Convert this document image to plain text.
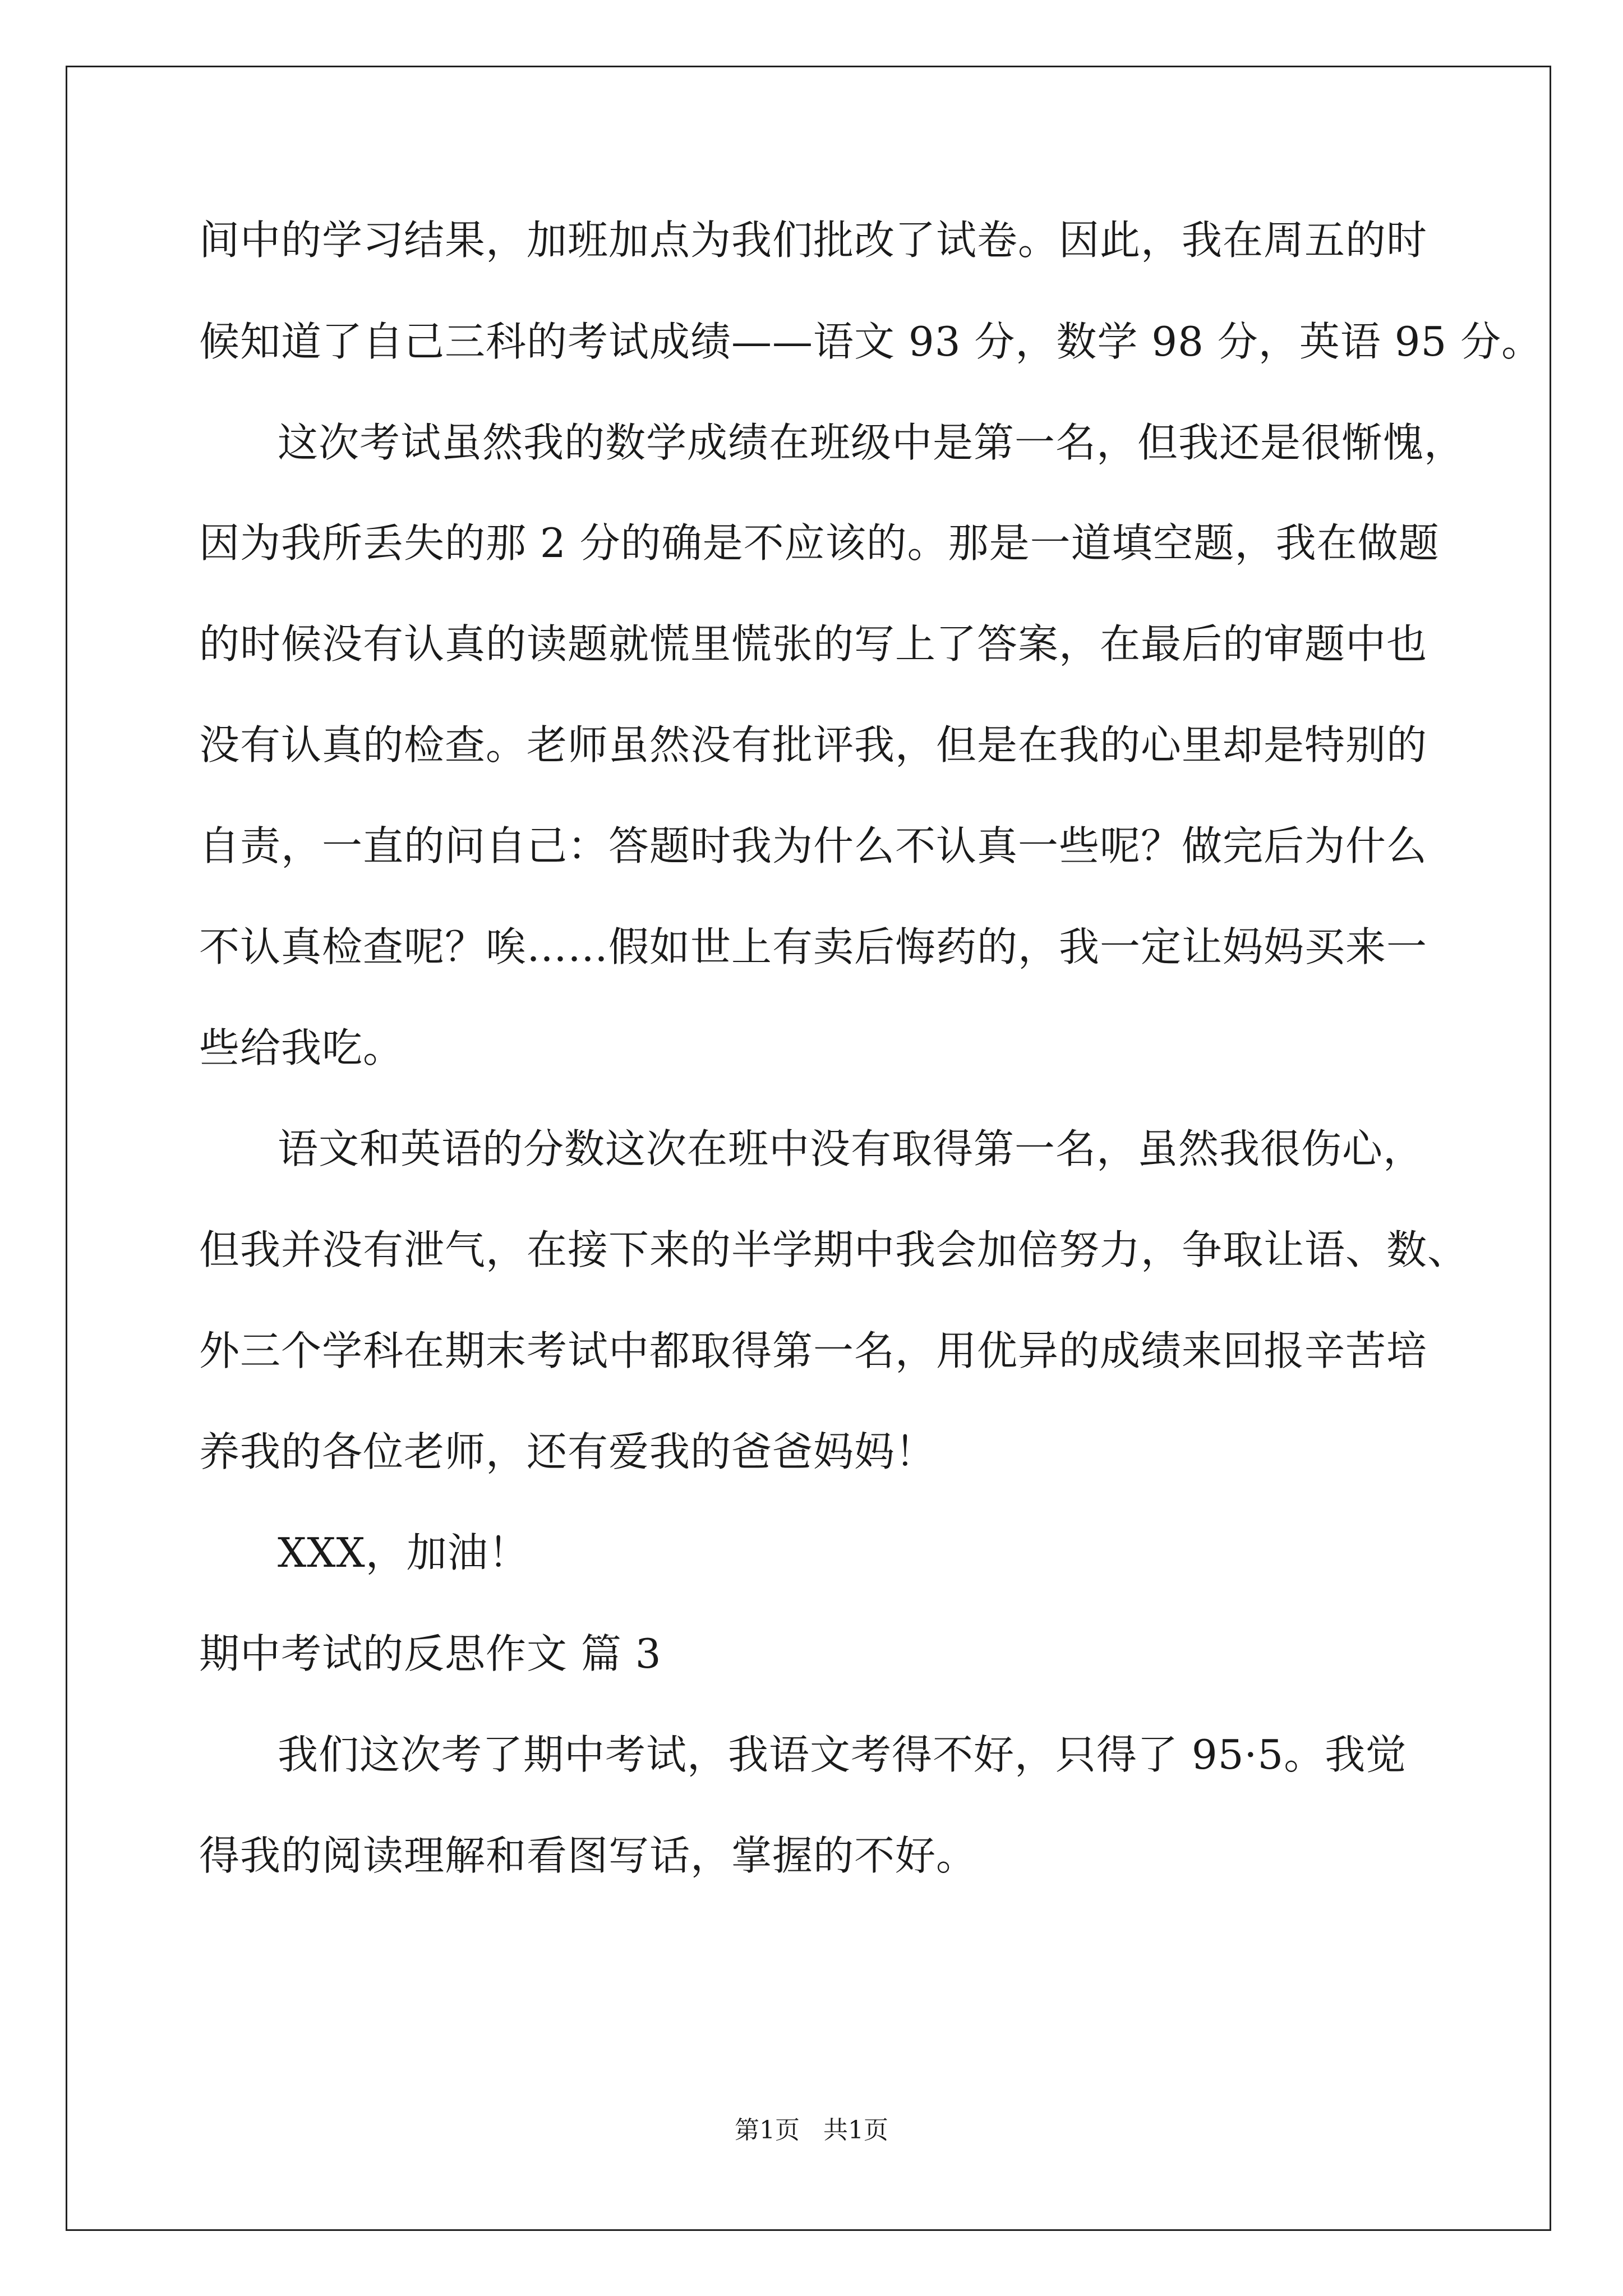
间中的学习结果，加班加点为我们批改了试卷。因此，我在周五的时
候知道了自己三科的考试成绩——语文 93 分，数学 98 分，英语 95 分。
这次考试虽然我的数学成绩在班级中是第一名，但我还是很惭愧，
因为我所丢失的那 2 分的确是不应该的。那是一道填空题，我在做题
的时候没有认真的读题就慌里慌张的写上了答案，在最后的审题中也
没有认真的检查。老师虽然没有批评我，但是在我的心里却是特别的
自责，一直的问自己：答题时我为什么不认真一些呢？做完后为什么
不认真检查呢？唉……假如世上有卖后悔药的，我一定让妈妈买来一
些给我吃。
语文和英语的分数这次在班中没有取得第一名，虽然我很伤心，
但我并没有泄气，在接下来的半学期中我会加倍努力，争取让语、数、
外三个学科在期末考试中都取得第一名，用优异的成绩来回报辛苦培
养我的各位老师，还有爱我的爸爸妈妈！
XXX，加油！
期中考试的反思作文 篇 3
我们这次考了期中考试，我语文考得不好，只得了 95·5。我觉
得我的阅读理解和看图写话，掌握的不好。
第1页   共1页
